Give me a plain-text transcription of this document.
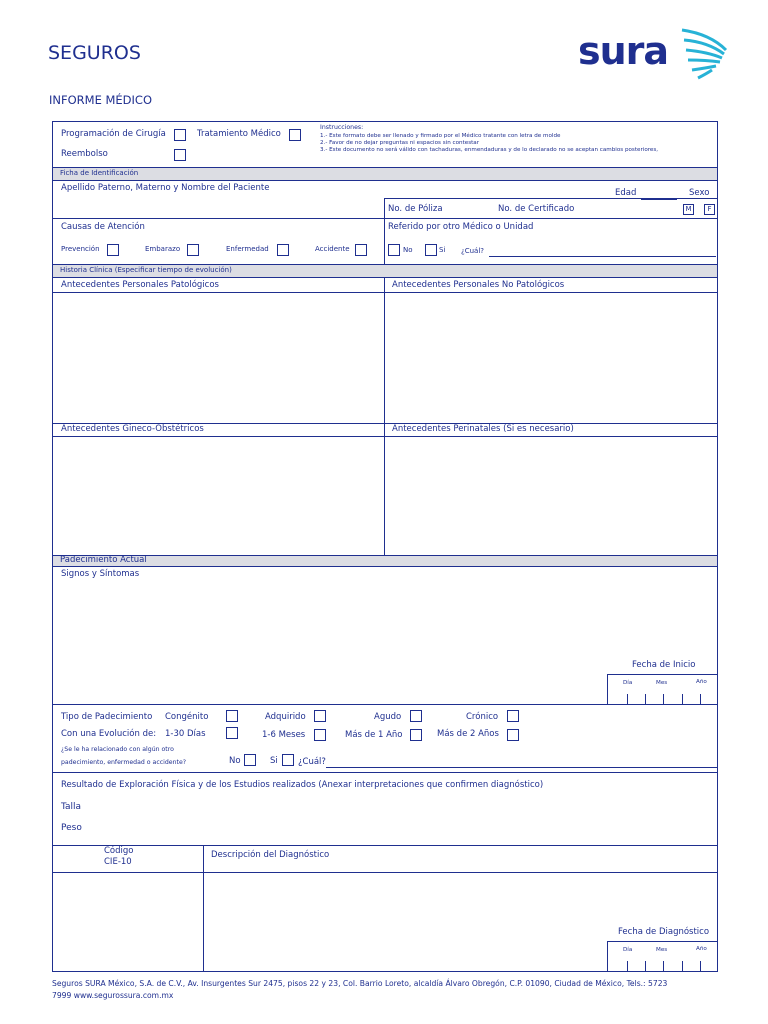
SEGUROS	sura
INFORME MÉDICO
Programación de Cirugía	Tratamiento Médico
Reembolso
Instrucciones:
1.- Este formato debe ser llenado y firmado por el Médico tratante con letra de molde
2.- Favor de no dejar preguntas ni espacios sin contestar
3.- Este documento no será válido con tachaduras, enmendaduras y de lo declarado no se aceptan cambios posteriores,
Ficha de Identificación
Apellido Paterno, Materno y Nombre del Paciente	Edad	Sexo
No. de Póliza	No. de Certificado	M	F
Causas de Atención	Referido por otro Médico o Unidad
Prevención	Embarazo	Enfermedad	Accidente	No	Si ¿Cuál?
Historia Clínica (Especificar tiempo de evolución)
Antecedentes Personales Patológicos	Antecedentes Personales No Patológicos
Antecedentes Gineco-Obstétricos	Antecedentes Perinatales (Si es necesario)
Padecimiento Actual
Signos y Síntomas
Fecha de Inicio
Día	Mes	Año
Tipo de Padecimiento Congénito	Adquirido	Agudo	Crónico
Con una Evolución de: 1-30 Días	1-6 Meses	Más de 1 Año	Más de 2 Años
¿Se le ha relacionado con algún otro
padecimiento, enfermedad o accidente?	No	Si ¿Cuál?
Resultado de Exploración Física y de los Estudios realizados (Anexar interpretaciones que confirmen diagnóstico)
Talla
Peso
Código
CIE-10
Descripción del Diagnóstico
Fecha de Diagnóstico
Día	Mes	Año
Seguros SURA México, S.A. de C.V., Av. Insurgentes Sur 2475, pisos 22 y 23, Col. Barrio Loreto, alcaldía Álvaro Obregón, C.P. 01090, Ciudad de México, Tels.: 5723
7999 www.segurossura.com.mx
